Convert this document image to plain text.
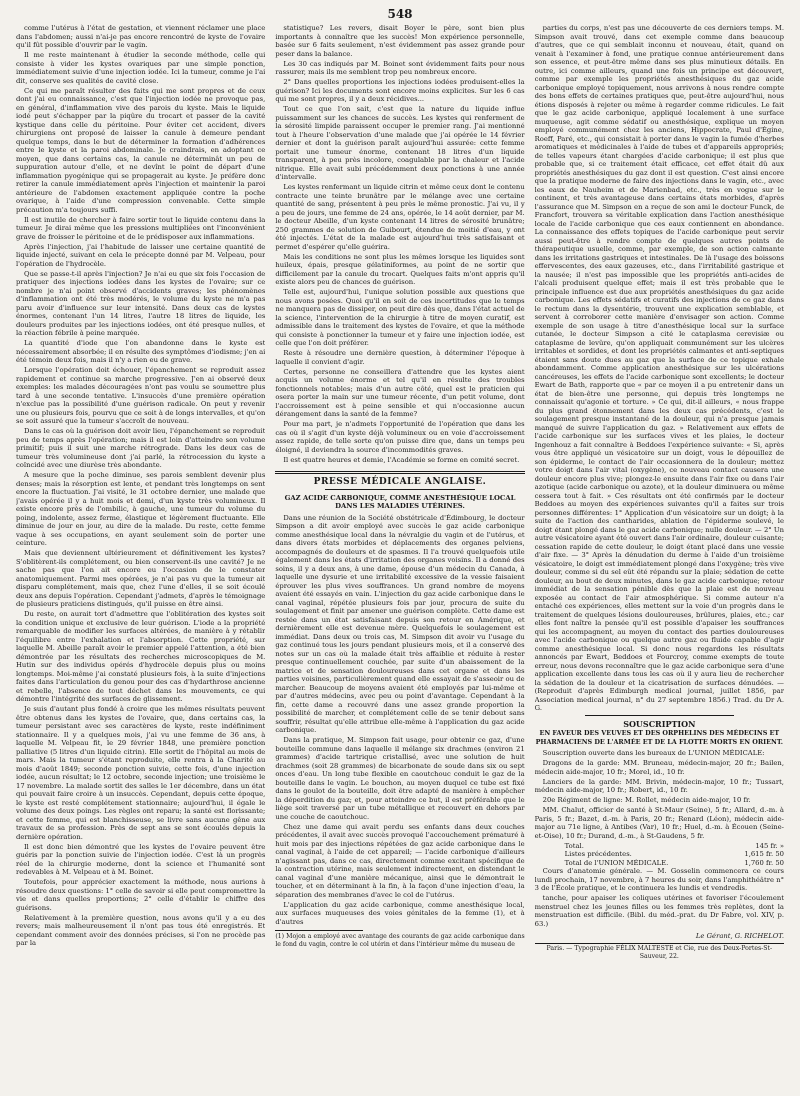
548

comme l'utérus à l'état de gestation, et viennent réclamer une place dans l'abdomen; aussi n'ai-je pas encore rencontré de kyste de l'ovaire qu'il fût possible d'ouvrir par le vagin.

Il me reste maintenant à étudier la seconde méthode, celle qui consiste à vider les kystes ovariques par une simple ponction, immédiatement suivie d'une injection iodée. Ici la tumeur, comme je l'ai dit, conserve ses qualités de cavité close.

Ce qui me paraît résulter des faits qui me sont propres et de ceux dont j'ai eu connaissance, c'est que l'injection iodée ne provoque pas, en général, d'inflammation vive des parois du kyste. Mais le liquide iodé peut s'échapper par la piqûre du trocart et passer de la cavité kystique dans celle du péritoine. Pour éviter cet accident, divers chirurgiens ont proposé de laisser la canule à demeure pendant quelque temps, dans le but de déterminer la formation d'adhérences entre le kyste et la paroi abdominale. Je craindrais, en adoptant ce moyen, que dans certains cas, la canule ne déterminât un peu de suppuration autour d'elle, et ne devînt le point de départ d'une inflammation pyogénique qui se propagerait au kyste. Je préfère donc retirer la canule immédiatement après l'injection et maintenir la paroi antérieure de l'abdomen exactement appliquée contre la poche ovarique, à l'aide d'une compression convenable. Cette simple précaution m'a toujours suffi.

Il est inutile de chercher à faire sortir tout le liquide contenu dans la tumeur. Je dirai même que les pressions multipliées ont l'inconvénient grave de froisser le péritoine et de le prédisposer aux inflammations.

Après l'injection, j'ai l'habitude de laisser une certaine quantité de liquide injecté, suivant en cela le précepte donné par M. Velpeau, pour l'opération de l'hydrocèle.

Que se passe-t-il après l'injection? Je n'ai eu que six fois l'occasion de pratiquer des injections iodées dans les kystes de l'ovaire; sur ce nombre je n'ai point observé d'accidents graves; les phénomènes d'inflammation ont été très modérés, le volume du kyste ne m'a pas paru avoir d'influence sur leur intensité. Dans deux cas de kystes énormes, contenant l'un 14 litres, l'autre 18 litres de liquide, les douleurs produites par les injections iodées, ont été presque nulles, et la réaction fébrile à peine marquée.

La quantité d'iode que l'on abandonne dans le kyste est nécessairement absorbée; il en résulte des symptômes d'iodisme; j'en ai été témoin deux fois, mais il n'y a rien eu de grave.

Lorsque l'opération doit échouer, l'épanchement se reproduit assez rapidement et continue sa marche progressive. J'en ai observé deux exemples: les malades découragées n'ont pas voulu se soumettre plus tard à une seconde tentative. L'insuccès d'une première opération n'exclue pas la possibilité d'une guérison radicale. On peut y revenir une ou plusieurs fois, pourvu que ce soit à de longs intervalles, et qu'on se soit assuré que la tumeur s'accroît de nouveau.

Dans le cas où la guérison doit avoir lieu, l'épanchement se reproduit peu de temps après l'opération; mais il est loin d'atteindre son volume primitif; puis il suit une marche rétrograde. Dans les deux cas de tumeur très volumineuse dont j'ai parlé, la rétrocession du kyste a coïncidé avec une diurèse très abondante.

A mesure que la poche diminue, ses parois semblent devenir plus denses; mais la résorption est lente, et pendant très longtemps on sent encore la fluctuation. J'ai visité, le 31 octobre dernier, une malade que j'avais opérée il y a huit mois et demi, d'un kyste très volumineux. Il existe encore près de l'ombilic, à gauche, une tumeur du volume du poing, indolente, assez ferme, élastique et légèrement fluctuante. Elle diminue de jour en jour, au dire de la malade. Du reste, cette femme vaque à ses occupations, en ayant seulement soin de porter une ceinture.

Mais que deviennent ultérieurement et définitivement les kystes? S'oblitèrent-ils complétement, ou bien conservent-ils une cavité? Je ne sache pas que l'on ait encore eu l'occasion de le constater anatomiquement. Parmi mes opérées, je n'ai pas vu que la tumeur ait disparu complétement, mais que, chez l'une d'elles, il se soit écoulé deux ans depuis l'opération. Cependant j'admets, d'après le témoignage de plusieurs praticiens distingués, qu'il puisse en être ainsi.

Du reste, on aurait tort d'admettre que l'oblitération des kystes soit la condition unique et exclusive de leur guérison. L'iode a la propriété remarquable de modifier les surfaces altérées, de manière à y rétablir l'équilibre entre l'exhalation et l'absorption. Cette propriété, sur laquelle M. Abeille paraît avoir le premier appelé l'attention, a été bien démontrée par les résultats des recherches microscopiques de M. Hutin sur des individus opérés d'hydrocèle depuis plus ou moins longtemps. Moi-même j'ai constaté plusieurs fois, à la suite d'injections faites dans l'articulation du genou pour des cas d'hydarthrose ancienne et rebelle, l'absence de tout déchet dans les mouvements, ce qui démontre l'intégrité des surfaces de glissement.

Je suis d'autant plus fondé à croire que les mêmes résultats peuvent être obtenus dans les kystes de l'ovaire, que, dans certains cas, la tumeur persistant avec ses caractères de kyste, reste indéfiniment stationnaire. Il y a quelques mois, j'ai vu une femme de 36 ans, à laquelle M. Velpeau fit, le 29 février 1848, une première ponction palliative (5 litres d'un liquide citrin). Elle sortit de l'hôpital au mois de mars. Mais la tumeur s'étant reproduite, elle rentra à la Charité au mois d'août 1849; seconde ponction suivie, cette fois, d'une injection iodée, aucun résultat; le 12 octobre, seconde injection; une troisième le 17 novembre. La malade sortit des salles le 1er décembre, dans un état qui pouvait faire croire à un insuccès. Cependant, depuis cette époque, le kyste est resté complétement stationnaire; aujourd'hui, il égale le volume des deux poings. Les règles ont reparu; la santé est florissante; et cette femme, qui est blanchisseuse, se livre sans aucune gêne aux travaux de sa profession. Près de sept ans se sont écoulés depuis la dernière opération.

Il est donc bien démontré que les kystes de l'ovaire peuvent être guéris par la ponction suivie de l'injection iodée. C'est là un progrès réel de la chirurgie moderne, dont la science et l'humanité sont redevables à M. Velpeau et à M. Boinet.

Toutefois, pour apprécier exactement la méthode, nous aurions à résoudre deux questions: 1° celle de savoir si elle peut compromettre la vie et dans quelles proportions; 2° celle d'établir le chiffre des guérisons.

Relativement à la première question, nous avons qu'il y a eu des revers; mais malheureusement il n'ont pas tous été enregistrés. Et cependant comment avoir des données précises, si l'on ne procède pas par la

statistique? Les revers, disait Boyer le père, sont bien plus importants à connaître que les succès! Mon expérience personnelle, basée sur 6 faits seulement, n'est évidemment pas assez grande pour peser dans la balance.

Les 30 cas indiqués par M. Boinet sont évidemment faits pour nous rassurer, mais ils me semblent trop peu nombreux encore.

2° Dans quelles proportions les injections iodées produisent-elles la guérison? Ici les documents sont encore moins explicites. Sur les 6 cas qui me sont propres, il y a deux récidives...

Tout ce que l'on sait, c'est que la nature du liquide influe puissamment sur les chances de succès. Les kystes qui renferment de la sérosité limpide paraissent occuper le premier rang. J'ai mentionné tout à l'heure l'observation d'une malade que j'ai opérée le 14 février dernier et dont la guérison paraît aujourd'hui assurée: cette femme portait une tumeur énorme, contenant 18 litres d'un liquide transparent, à peu près incolore, coagulable par la chaleur et l'acide nitrique. Elle avait subi précédemment deux ponctions à une année d'intervalle.

Les kystes renfermant un liquide citrin et même ceux dont le contenu contracte une teinte brunâtre par le mélange avec une certaine quantité de sang, présentent à peu près le même pronostic. J'ai vu, il y a peu de jours, une femme de 24 ans, opérée, le 14 août dernier, par M. le docteur Abeille, d'un kyste contenant 14 litres de sérosité brunâtre; 250 grammes de solution de Guibourt, étendue de moitié d'eau, y ont été injectés. L'état de la malade est aujourd'hui très satisfaisant et permet d'espérer qu'elle guérira.

Mais les conditions ne sont plus les mêmes lorsque les liquides sont huileux, épais, presque gélatiniformes, au point de ne sortir que difficilement par la canule du trocart. Quelques faits m'ont appris qu'il existe alors peu de chances de guérison.

Telle est, aujourd'hui, l'unique solution possible aux questions que nous avons posées. Quoi qu'il en soit de ces incertitudes que le temps ne manquera pas de dissiper, on peut dire dès que, dans l'état actuel de la science, l'intervention de la chirurgie à titre de moyen curatif, est admissible dans le traitement des kystes de l'ovaire, et que la méthode qui consiste à ponctionner la tumeur et y faire une injection iodée, est celle que l'on doit préférer.

Reste à résoudre une dernière question, à déterminer l'époque à laquelle il convient d'agir.

Certes, personne ne conseillera d'attendre que les kystes aient acquis un volume énorme et tel qu'il en résulte des troubles fonctionnels notables; mais d'un autre côté, quel est le praticien qui osera porter la main sur une tumeur récente, d'un petit volume, dont l'accroissement est à peine sensible et qui n'occasionne aucun dérangement dans la santé de la femme?

Pour ma part, je n'admets l'opportunité de l'opération que dans les cas où il s'agit d'un kyste déjà volumineux ou en voie d'accroissement assez rapide, de telle sorte qu'on puisse dire que, dans un temps peu éloigné, il deviendra la source d'incommodités graves.

Il est quatre heures et demie, l'Académie se forme en comité secret.

PRESSE MÉDICALE ANGLAISE.
GAZ ACIDE CARBONIQUE, COMME ANESTHÉSIQUE LOCAL DANS LES MALADIES UTÉRINES.

Dans une réunion de la Société obstétricale d'Édimbourg, le docteur Simpson a dit avoir employé avec succès le gaz acide carbonique comme anesthésique local dans la névralgie du vagin et de l'utérus, et dans divers états morbides et déplacements des organes pelviens, accompagnés de douleurs et de spasmes. Il l'a trouvé quelquefois utile également dans les états d'irritation des organes voisins. Il a donné des soins, il y a deux ans, à une dame, épouse d'un médecin du Canada, à laquelle une dysurie et une irritabilité excessive de la vessie faisaient éprouver les plus vives souffrances. Un grand nombre de moyens avaient été essayés en vain. L'injection du gaz acide carbonique dans le canal vaginal, répétée plusieurs fois par jour, procura de suite du soulagement et finit par amener une guérison complète. Cette dame est restée dans un état satisfaisant depuis son retour en Amérique, et dernièrement elle est devenue mère. Quelquefois le soulagement est immédiat. Dans deux ou trois cas, M. Simpson dit avoir vu l'usage du gaz continué tous les jours pendant plusieurs mois, et il a conservé des notes sur un cas où la malade était très affaiblie et réduite à rester presque continuellement couchée, par suite d'un abaissement de la matrice et de sensation douloureuses dans cet organe et dans les parties voisines, particulièrement quand elle essayait de s'asseoir ou de marcher. Beaucoup de moyens avaient été employés par lui-même et par d'autres médecins, avec peu ou point d'avantage. Cependant à la fin, cette dame a recouvré dans une assez grande proportion la possibilité de marcher, et complétement celle de se tenir debout sans souffrir, résultat qu'elle attribue elle-même à l'application du gaz acide carbonique.

Dans la pratique, M. Simpson fait usage, pour obtenir ce gaz, d'une bouteille commune dans laquelle il mélange six drachmes (environ 21 grammes) d'acide tartrique cristallisé, avec une solution de huit drachmes (soit 28 grammes) de bicarbonate de soude dans six ou sept onces d'eau. Un long tube flexible en caoutchouc conduit le gaz de la bouteille dans le vagin. Le bouchon, au moyen duquel ce tube est fixé dans le goulot de la bouteille, doit être adapté de manière à empêcher la déperdition du gaz; et, pour atteindre ce but, il est préférable que le liège soit traversé par un tube métallique et recouvert en dehors par une couche de caoutchouc.

Chez une dame qui avait perdu ses enfants dans deux couches précédentes, il avait avec succès provoqué l'accouchement prématuré à huit mois par des injections répétées de gaz acide carbonique dans le canal vaginal, à l'aide de cet appareil; — l'acide carbonique d'ailleurs n'agissant pas, dans ce cas, directement comme excitant spécifique de la contraction utérine, mais seulement indirectement, en distendant le canal vaginal d'une manière mécanique, ainsi que le démontrait le toucher, et en déterminant à la fin, à la façon d'une injection d'eau, la séparation des membranes d'avec le col de l'utérus.

L'application du gaz acide carbonique, comme anesthésique local, aux surfaces muqueuses des voies génitales de la femme (1), et à d'autres

(1) Mojon a employé avec avantage des courants de gaz acide carbonique dans le fond du vagin, contre le col utérin et dans l'intérieur même du museau de

parties du corps, n'est pas une découverte de ces derniers temps. M. Simpson avait trouvé, dans cet exemple comme dans beaucoup d'autres, que ce qui semblait inconnu et nouveau, était, quand on venait à l'examiner à fond, une pratique connue antérieurement dans son essence, et peut-être même dans ses plus minutieux détails. En outre, ici comme ailleurs, quand une fois un principe est découvert, comme par exemple les propriétés anesthésiques du gaz acide carbonique employé topiquement, nous arrivons à nous rendre compte des bons effets de certaines pratiques que, peut-être aujourd'hui, nous étions disposés à rejeter ou même à regarder comme ridicules. Le fait que le gaz acide carbonique, appliqué localement à une surface muqueuse, agit comme sédatif ou anesthésique, explique un moyen employé communément chez les anciens, Hippocrate, Paul d'Égine, Roeff, Paré, etc., qui consistait à porter dans le vagin la fumée d'herbes aromatiques et médicinales à l'aide de tubes et d'appareils appropriés; de telles vapeurs étant chargées d'acide carbonique; il est plus que probable que, si ce traitement était efficace, cet effet était dû aux propriétés anesthésiques du gaz dont il est question. C'est ainsi encore que la pratique moderne de faire des injections dans le vagin, etc., avec les eaux de Nauheim et de Marienbad, etc., très en vogue sur le continent, et très avantageuse dans certains états morbides, d'après l'assurance que M. Simpson en a reçue de son ami le docteur Funck, de Francfort, trouvera sa véritable explication dans l'action anesthésique locale de l'acide carbonique que ces eaux contiennent en abondance. La connaissance des effets topiques de l'acide carbonique peut servir aussi peut-être à rendre compte de quelques autres points de thérapeutique usuelle, comme, par exemple, de son action calmante dans les irritations gastriques et intestinales. De là l'usage des boissons effervescentes, des eaux gazeuses, etc., dans l'irritabilité gastrique et la nausée; il n'est pas impossible que les propriétés anti-acides de l'alcali produisent quelque effet; mais il est très probable que le principale influence est due aux propriétés anesthésiques du gaz acide carbonique. Les effets sédatifs et curatifs des injections de ce gaz dans le rectum dans la dysentérie, trouvent une explication semblable, et servent à corroborer cette manière d'envisager son action. Comme exemple de son usage à titre d'anesthésique local sur la surface cutanée, le docteur Simpson a cité le cataplasma cerevisiæ ou cataplasme de levûre, qu'on appliquait communément sur les ulcères irritables et sordides, et dont les propriétés calmantes et anti-septiques étaient sans doute dues au gaz que la surface de ce topique exhale abondamment. Comme application anesthésique sur les ulcérations cancéreuses, les effets de l'acide carbonique sont excellents; le docteur Ewart de Bath, rapporte que « par ce moyen il a pu entretenir dans un état de bien-être une personne, qui depuis très longtemps ne connaissait qu'agonie et torture. » Ce qui, dit-il ailleurs, « nous frappe du plus grand étonnement dans les deux cas précédents, c'est le soulagement presque instantané de la douleur, qui n'a presque jamais manqué de suivre l'application du gaz. » Relativement aux effets de l'acide carbonique sur les surfaces vives et les plaies, le docteur Ingenhouz a fait connaître à Beddoes l'expérience suivante: « Si, après vous être appliqué un vésicatoire sur un doigt, vous le dépouillez de son épiderme, le contact de l'air occasionnera de la douleur; mettez votre doigt dans l'air vital (oxygène), ce nouveau contact causera une douleur encore plus vive; plongez-le ensuite dans l'air fixe ou dans l'air azotique (acide carbonique ou azote), et la douleur diminuera ou même cessera tout à fait. » Ces résultats ont été confirmés par le docteur Beddoes au moyen des expériences suivantes qu'il a faites sur trois personnes différentes: 1° Application d'un vésicatoire sur un doigt; à la suite de l'action des cantharides, ablation de l'épiderme soulevé, le doigt étant plongé dans le gaz acide carbonique; nulle douleur. — 2° Un autre vésicatoire ayant été ouvert dans l'air ordinaire, douleur cuisante; cessation rapide de cette douleur, le doigt étant placé dans une vessie d'air fixe. — 3° Après la dénudation du derme à l'aide d'un troisième vésicatoire, le doigt est immédiatement plongé dans l'oxygène; très vive douleur, comme si du sel eût été répandu sur la plaie; sédation de cette douleur, au bout de deux minutes, dans le gaz acide carbonique; retour immédiat de la sensation pénible dès que la plaie est de nouveau exposée au contact de l'air atmosphérique. Si comme auteur n'a entaché ces expériences, elles mettent sur la voie d'un progrès dans le traitement de quelques lésions douloureuses, brûlures, plaies, etc.; car elles font naître la pensée qu'il est possible d'apaiser les souffrances qui les accompagnent, au moyen du contact des parties douloureuses avec l'acide carbonique ou quelque autre gaz ou fluide capable d'agir comme anesthésique local. Si donc nous regardons les résultats annoncés par Ewart, Beddoes et Fourcroy, comme exempts de toute erreur, nous devons reconnaître que le gaz acide carbonique sera d'une application excellente dans tous les cas où il y aura lieu de rechercher la sédation de la douleur et la cicatrisation de surfaces dénudées. — (Reproduit d'après Edimburgh medical journal, juillet 1856, par Association medical journal, n° du 27 septembre 1856.) Trad. du Dr A. G.

SOUSCRIPTION
EN FAVEUR DES VEUVES ET DES ORPHELINS DES MÉDECINS ET PHARMACIENS DE L'ARMÉE ET DE LA FLOTTE MORTS EN ORIENT.

Souscription ouverte dans les bureaux de L'UNION MÉDICALE:

Dragons de la garde: MM. Bruneau, médecin-major, 20 fr.; Bailen, médecin aide-major, 10 fr.; Morel, id., 10 fr.

Lanciers de la garde: MM. Brivin, médecin-major, 10 fr.; Tussart, médecin aide-major, 10 fr.; Robert, id., 10 fr.

20e Régiment de ligne: M. Rollet, médecin aide-major, 10 fr.

MM. Chalut, officier de santé à St-Maur (Seine), 5 fr.; Allard, d.-m. à Paris, 5 fr.; Bazet, d.-m. à Paris, 20 fr.; Renard (Léon), médecin aide-major au 71e ligne, à Antibes (Var), 10 fr.; Huel, d.-m. à Écouen (Seine-et-Oise), 10 fr.; Durand, d.-m., à St-Gaudens, 5 fr.

Total.	145 fr. »
Listes précédentes.	1,615 fr. 50
Total de l'UNION MÉDICALE.	1,760 fr. 50

Cours d'anatomie générale. — M. Gosselin commencera ce cours lundi prochain, 17 novembre, à 7 heures du soir, dans l'amphithéâtre n° 3 de l'École pratique, et le continuera les lundis et vendredis.

tanche, pour apaiser les coliques utérines et favoriser l'écoulement menstruel chez les jeunes filles ou les femmes très replètes, dont la menstruation est difficile. (Bibl. du méd.-prat. du Dr Fabre, vol. XIV, p. 63.)

Le Gérant, G. RICHELOT.
Paris. — Typographie FÉLIX MALTESTE et Cie, rue des Deux-Portes-St-Sauveur, 22.
